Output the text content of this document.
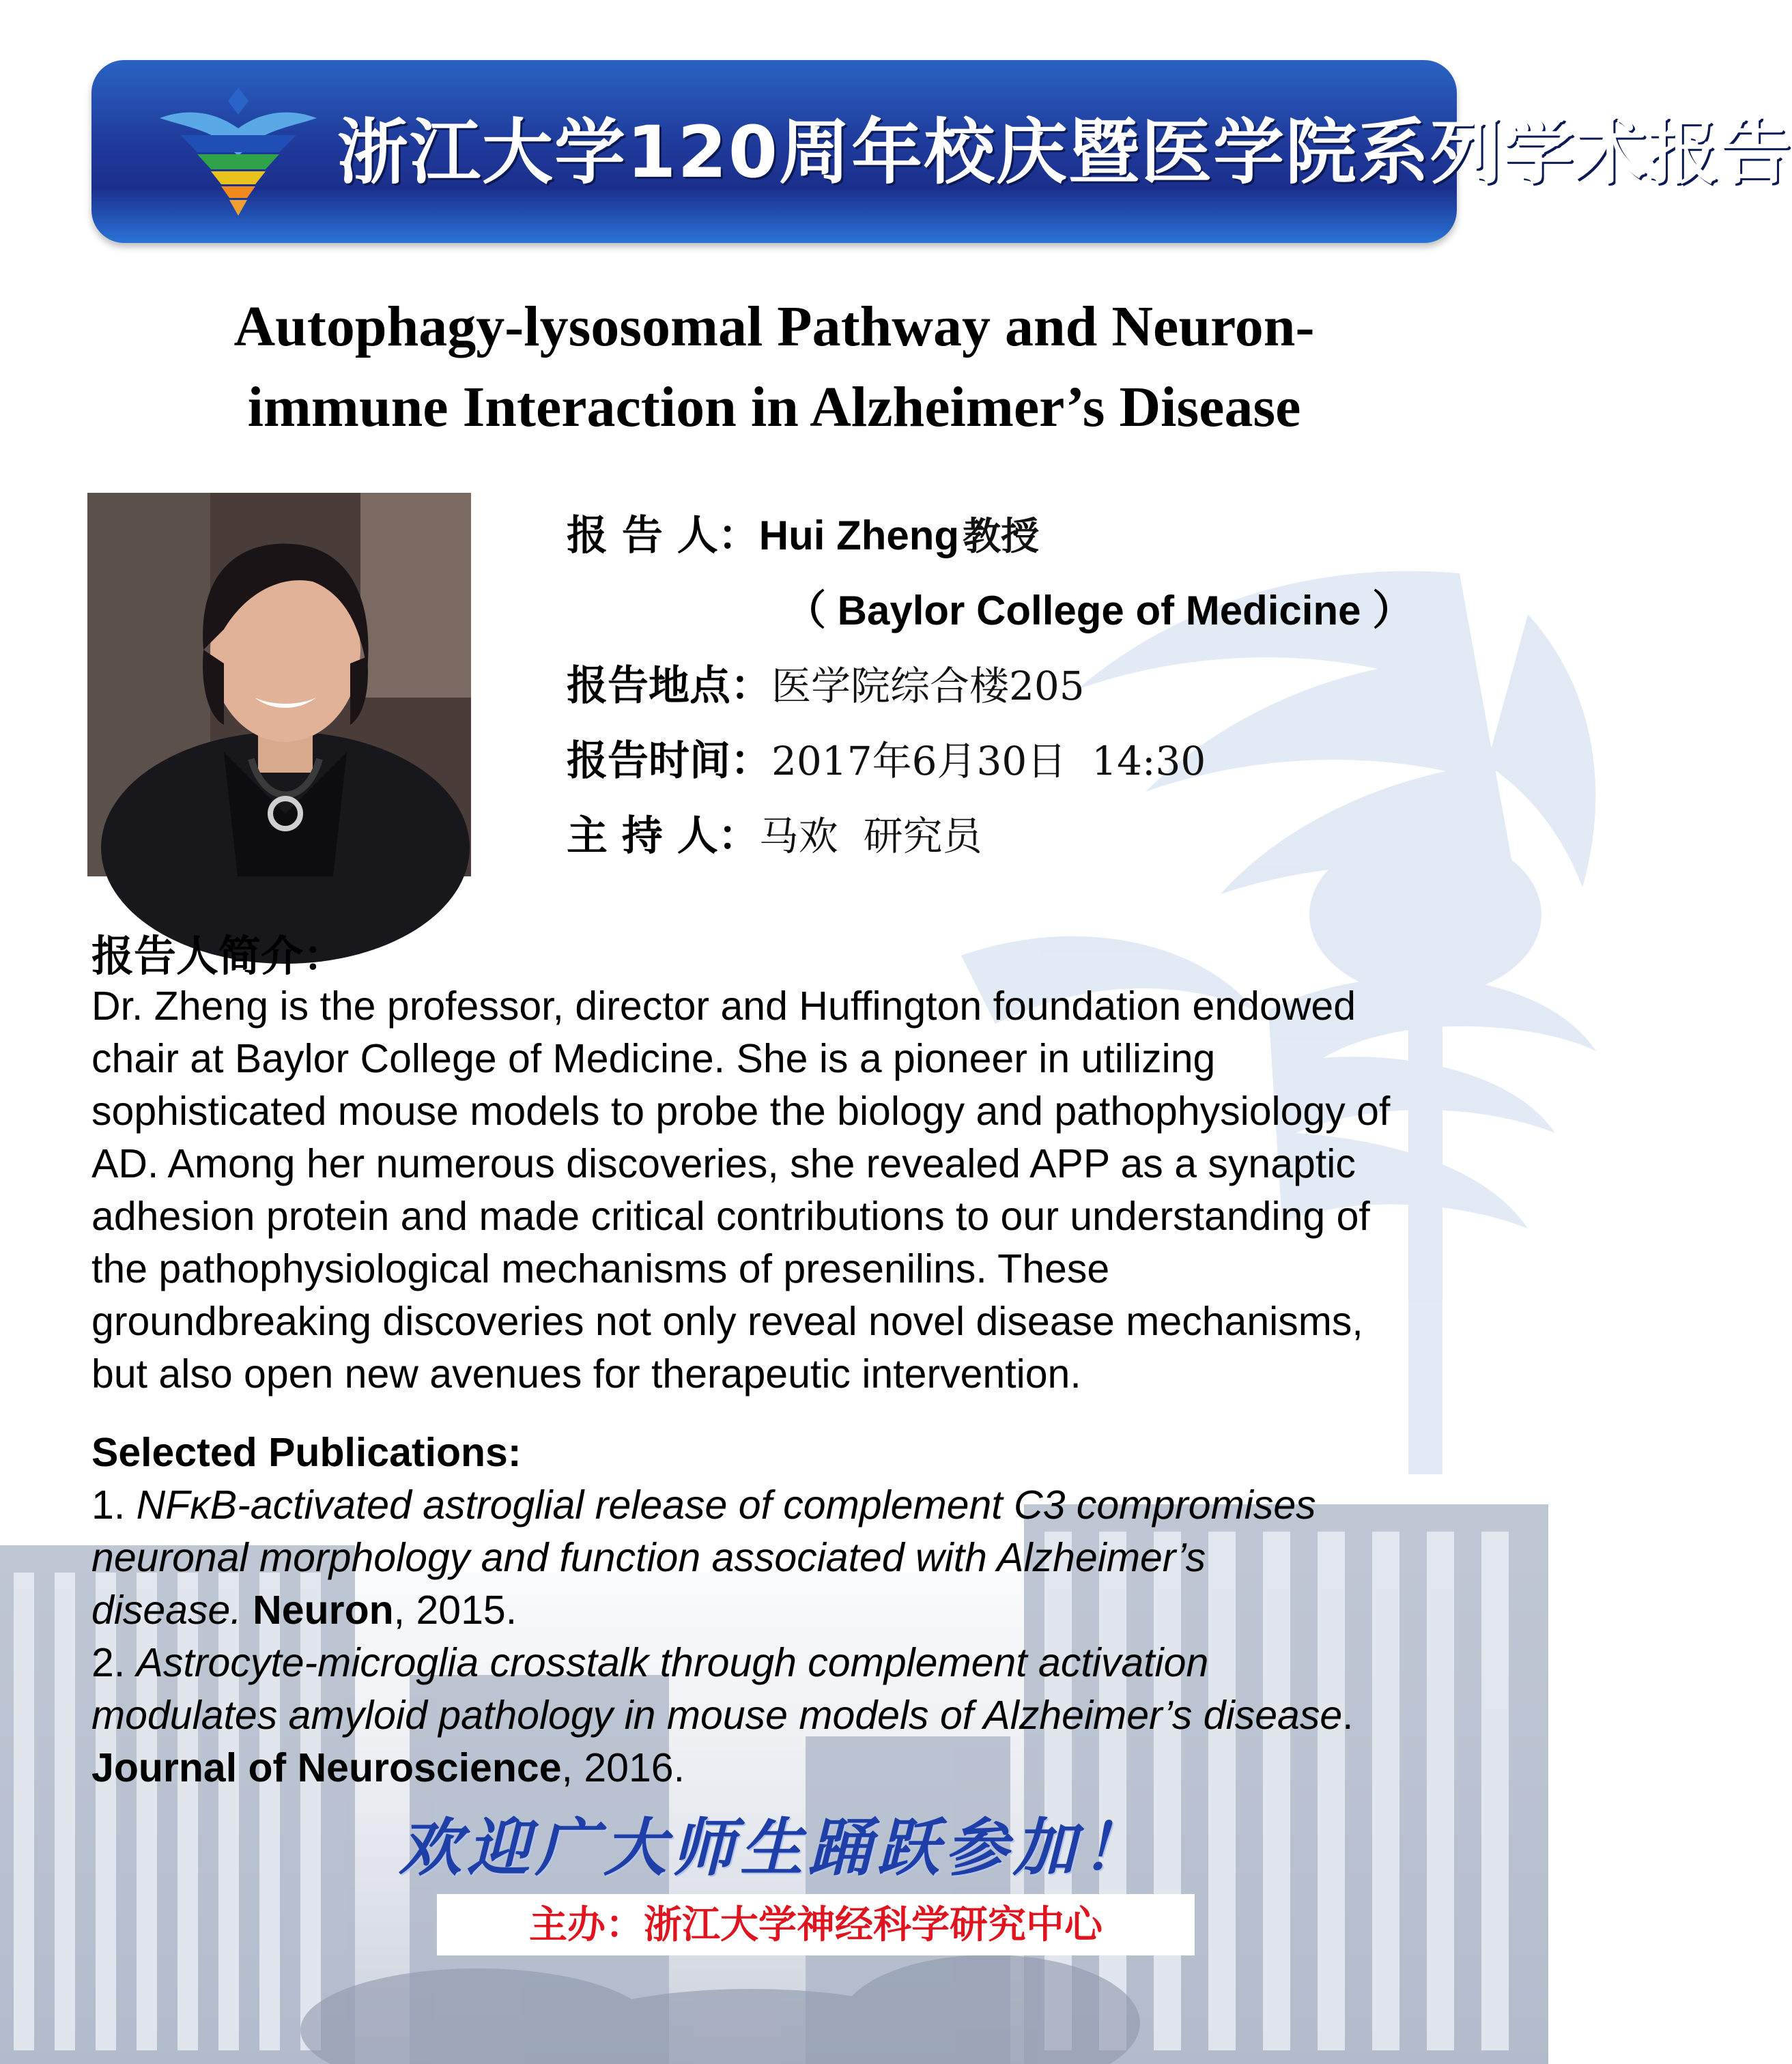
浙江大学120周年校庆暨医学院系列学术报告
Autophagy-lysosomal Pathway and Neuron-
immune Interaction in Alzheimer’s Disease
报 告 人：Hui Zheng 教授
（ Baylor College of Medicine ）
报告地点：医学院综合楼205
报告时间：2017年6月30日  14:30
主 持 人：马欢  研究员
报告人简介：
Dr. Zheng is the professor, director and Huffington foundation endowed
chair at Baylor College of Medicine. She is a pioneer in utilizing
sophisticated mouse models to probe the biology and pathophysiology of
AD. Among her numerous discoveries, she revealed APP as a synaptic
adhesion protein and made critical contributions to our understanding of
the pathophysiological mechanisms of presenilins. These
groundbreaking discoveries not only reveal novel disease mechanisms,
but also open new avenues for therapeutic intervention.
Selected Publications:
1. NFκB-activated astroglial release of complement C3 compromises
neuronal morphology and function associated with Alzheimer’s
disease. Neuron, 2015.
2. Astrocyte-microglia crosstalk through complement activation
modulates amyloid pathology in mouse models of Alzheimer’s disease.
Journal of Neuroscience, 2016.
欢迎广大师生踊跃参加！
主办：浙江大学神经科学研究中心
